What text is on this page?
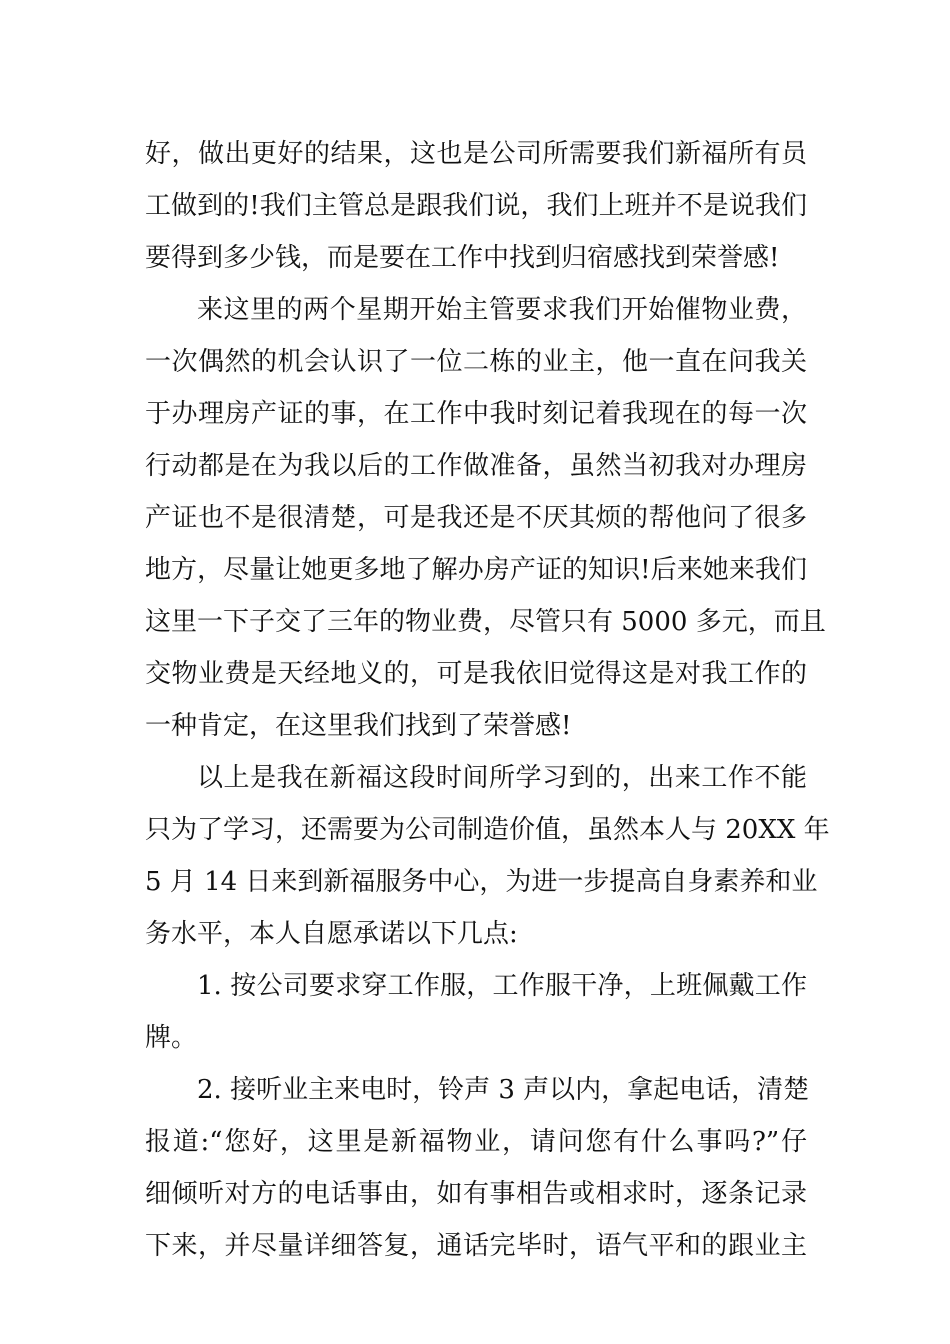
好，做出更好的结果，这也是公司所需要我们新福所有员
工做到的!我们主管总是跟我们说，我们上班并不是说我们
要得到多少钱，而是要在工作中找到归宿感找到荣誉感!
来这里的两个星期开始主管要求我们开始催物业费，
一次偶然的机会认识了一位二栋的业主，他一直在问我关
于办理房产证的事，在工作中我时刻记着我现在的每一次
行动都是在为我以后的工作做准备，虽然当初我对办理房
产证也不是很清楚，可是我还是不厌其烦的帮他问了很多
地方，尽量让她更多地了解办房产证的知识!后来她来我们
这里一下子交了三年的物业费，尽管只有 5000 多元，而且
交物业费是天经地义的，可是我依旧觉得这是对我工作的
一种肯定，在这里我们找到了荣誉感!
以上是我在新福这段时间所学习到的，出来工作不能
只为了学习，还需要为公司制造价值，虽然本人与 20XX 年
5 月 14 日来到新福服务中心，为进一步提高自身素养和业
务水平，本人自愿承诺以下几点:
1. 按公司要求穿工作服，工作服干净，上班佩戴工作
牌。
2. 接听业主来电时，铃声 3 声以内，拿起电话，清楚
报道:“您好，这里是新福物业，请问您有什么事吗?”仔
细倾听对方的电话事由，如有事相告或相求时，逐条记录
下来，并尽量详细答复，通话完毕时，语气平和的跟业主
